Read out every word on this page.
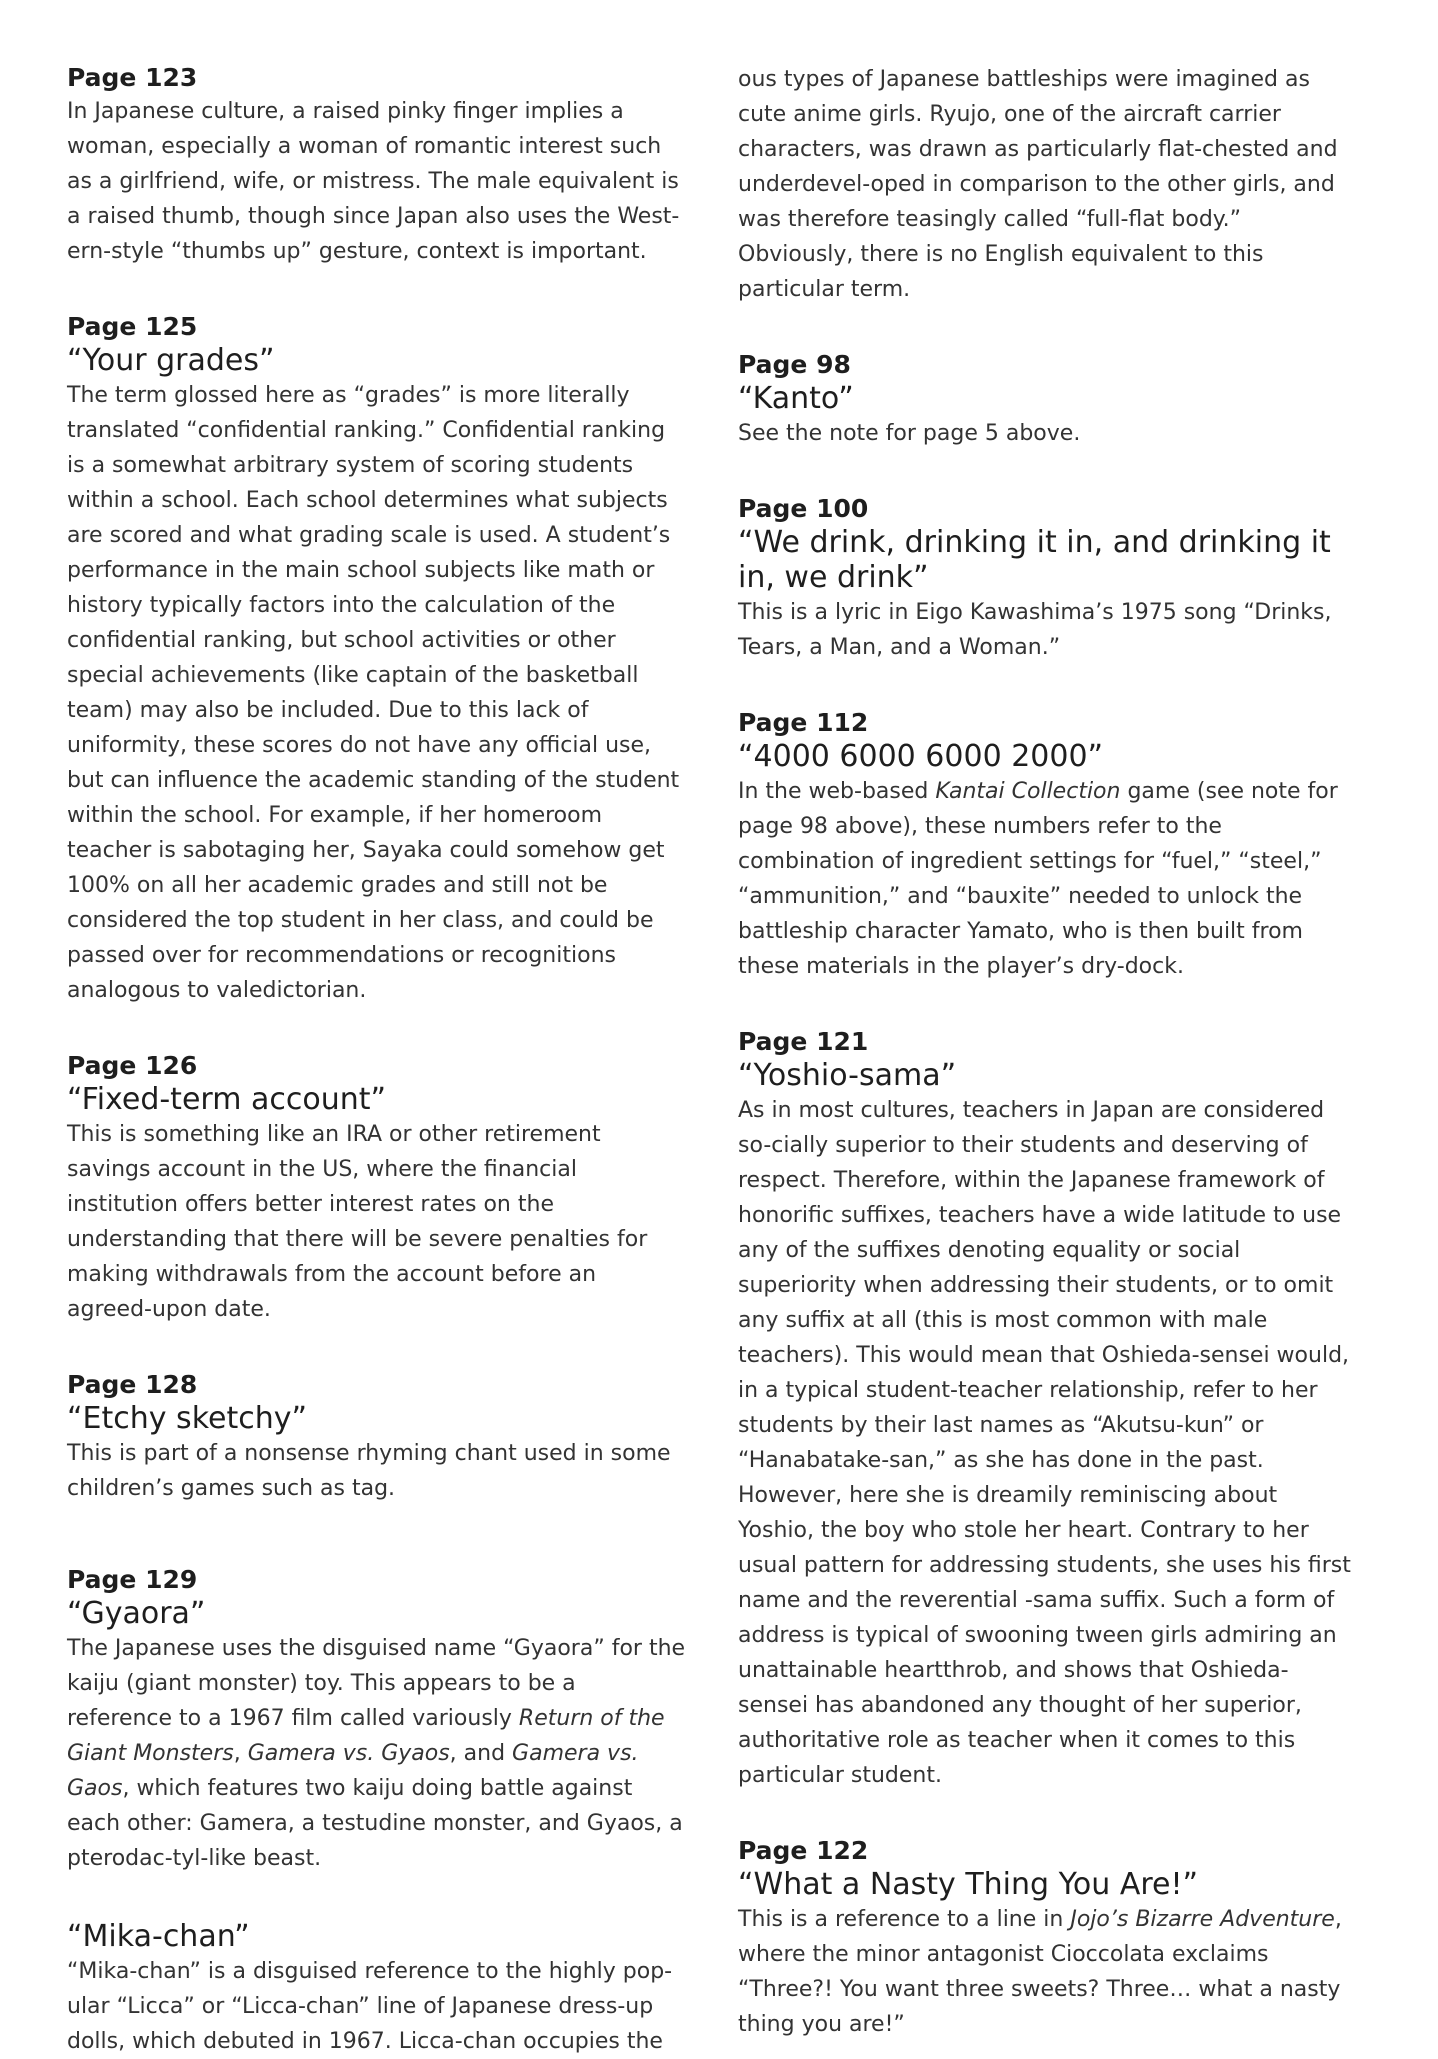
Page 123

In Japanese culture, a raised pinky finger implies a woman, especially a woman of romantic interest such as a girlfriend, wife, or mistress. The male equivalent is a raised thumb, though since Japan also uses the West-ern-style “thumbs up” gesture, context is important.

Page 125

“Your grades”

The term glossed here as “grades” is more literally translated “confidential ranking.” Confidential ranking is a somewhat arbitrary system of scoring students within a school. Each school determines what subjects are scored and what grading scale is used. A student’s performance in the main school subjects like math or history typically factors into the calculation of the confidential ranking, but school activities or other special achievements (like captain of the basketball team) may also be included. Due to this lack of uniformity, these scores do not have any official use, but can influence the academic standing of the student within the school. For example, if her homeroom teacher is sabotaging her, Sayaka could somehow get 100% on all her academic grades and still not be considered the top student in her class, and could be passed over for recommendations or recognitions analogous to valedictorian.

Page 126

“Fixed-term account”

This is something like an IRA or other retirement savings account in the US, where the financial institution offers better interest rates on the understanding that there will be severe penalties for making withdrawals from the account before an agreed-upon date.

Page 128

“Etchy sketchy”

This is part of a nonsense rhyming chant used in some children’s games such as tag.

Page 129

“Gyaora”

The Japanese uses the disguised name “Gyaora” for the kaiju (giant monster) toy. This appears to be a reference to a 1967 film called variously Return of the Giant Monsters, Gamera vs. Gyaos, and Gamera vs. Gaos, which features two kaiju doing battle against each other: Gamera, a testudine monster, and Gyaos, a pterodac-tyl-like beast.

“Mika-chan”

“Mika-chan” is a disguised reference to the highly pop-ular “Licca” or “Licca-chan” line of Japanese dress-up dolls, which debuted in 1967. Licca-chan occupies the

ous types of Japanese battleships were imagined as cute anime girls. Ryujo, one of the aircraft carrier characters, was drawn as particularly flat-chested and underdevel-oped in comparison to the other girls, and was therefore teasingly called “full-flat body.” Obviously, there is no English equivalent to this particular term.

Page 98

“Kanto”

See the note for page 5 above.

Page 100

“We drink, drinking it in, and drinking it in, we drink”

This is a lyric in Eigo Kawashima’s 1975 song “Drinks, Tears, a Man, and a Woman.”

Page 112

“4000 6000 6000 2000”

In the web-based Kantai Collection game (see note for page 98 above), these numbers refer to the combination of ingredient settings for “fuel,” “steel,” “ammunition,” and “bauxite” needed to unlock the battleship character Yamato, who is then built from these materials in the player’s dry-dock.

Page 121

“Yoshio-sama”

As in most cultures, teachers in Japan are considered so-cially superior to their students and deserving of respect. Therefore, within the Japanese framework of honorific suffixes, teachers have a wide latitude to use any of the suffixes denoting equality or social superiority when addressing their students, or to omit any suffix at all (this is most common with male teachers). This would mean that Oshieda-sensei would, in a typical student-teacher relationship, refer to her students by their last names as “Akutsu-kun” or “Hanabatake-san,” as she has done in the past. However, here she is dreamily reminiscing about Yoshio, the boy who stole her heart. Contrary to her usual pattern for addressing students, she uses his first name and the reverential -sama suffix. Such a form of address is typical of swooning tween girls admiring an unattainable heartthrob, and shows that Oshieda-sensei has abandoned any thought of her superior, authoritative role as teacher when it comes to this particular student.

Page 122

“What a Nasty Thing You Are!”

This is a reference to a line in Jojo’s Bizarre Adventure, where the minor antagonist Cioccolata exclaims “Three?! You want three sweets? Three… what a nasty thing you are!”
